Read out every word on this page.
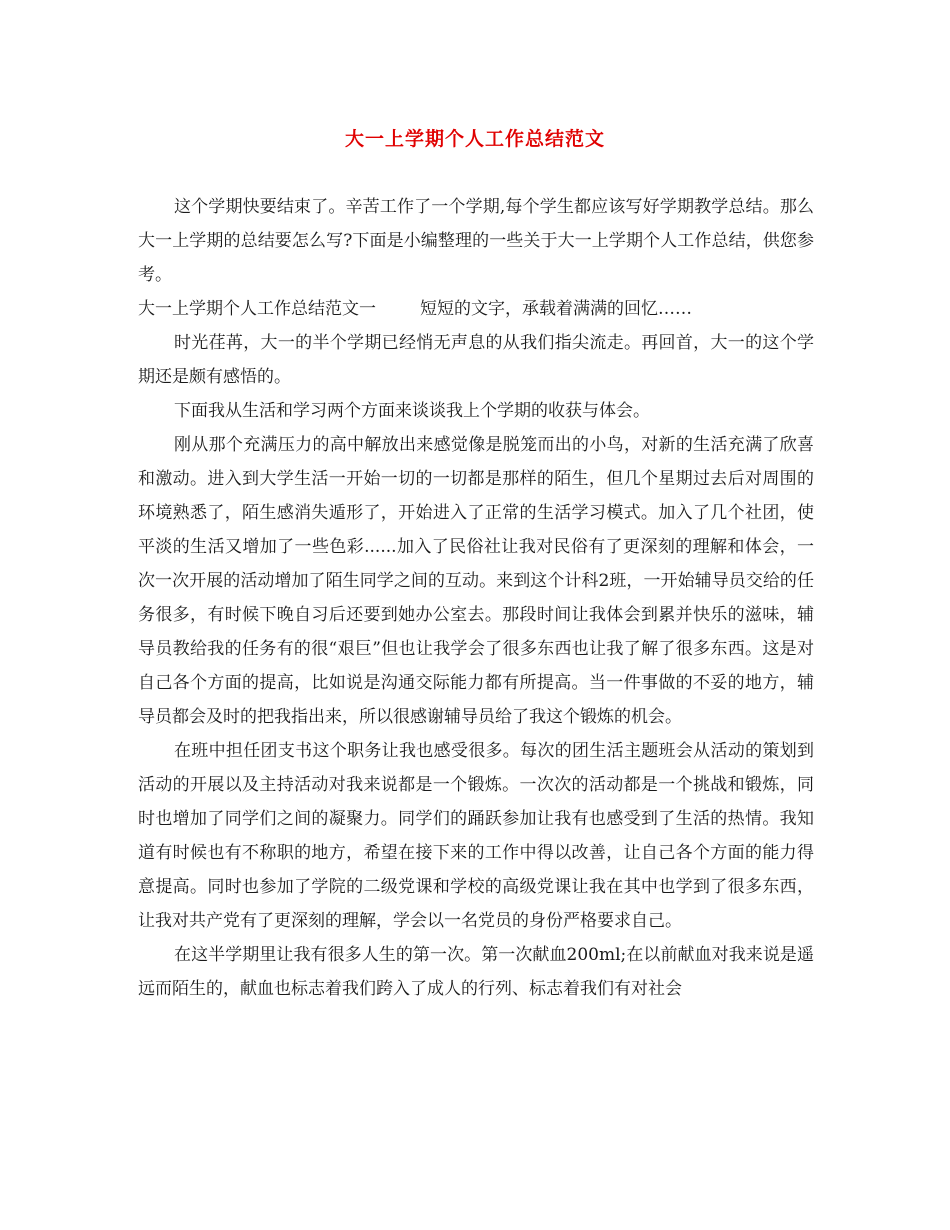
大一上学期个人工作总结范文

这个学期快要结束了。辛苦工作了一个学期,每个学生都应该写好学期教学总结。那么大一上学期的总结要怎么写?下面是小编整理的一些关于大一上学期个人工作总结，供您参考。

大一上学期个人工作总结范文一	短短的文字，承载着满满的回忆……

时光荏苒，大一的半个学期已经悄无声息的从我们指尖流走。再回首，大一的这个学期还是颇有感悟的。

下面我从生活和学习两个方面来谈谈我上个学期的收获与体会。

刚从那个充满压力的高中解放出来感觉像是脱笼而出的小鸟，对新的生活充满了欣喜和激动。进入到大学生活一开始一切的一切都是那样的陌生，但几个星期过去后对周围的环境熟悉了，陌生感消失遁形了，开始进入了正常的生活学习模式。加入了几个社团，使平淡的生活又增加了一些色彩......加入了民俗社让我对民俗有了更深刻的理解和体会，一次一次开展的活动增加了陌生同学之间的互动。来到这个计科2班，一开始辅导员交给的任务很多，有时候下晚自习后还要到她办公室去。那段时间让我体会到累并快乐的滋味，辅导员教给我的任务有的很“艰巨”但也让我学会了很多东西也让我了解了很多东西。这是对自己各个方面的提高，比如说是沟通交际能力都有所提高。当一件事做的不妥的地方，辅导员都会及时的把我指出来，所以很感谢辅导员给了我这个锻炼的机会。

在班中担任团支书这个职务让我也感受很多。每次的团生活主题班会从活动的策划到活动的开展以及主持活动对我来说都是一个锻炼。一次次的活动都是一个挑战和锻炼，同时也增加了同学们之间的凝聚力。同学们的踊跃参加让我有也感受到了生活的热情。我知道有时候也有不称职的地方，希望在接下来的工作中得以改善，让自己各个方面的能力得意提高。同时也参加了学院的二级党课和学校的高级党课让我在其中也学到了很多东西，让我对共产党有了更深刻的理解，学会以一名党员的身份严格要求自己。

在这半学期里让我有很多人生的第一次。第一次献血200ml;在以前献血对我来说是遥远而陌生的，献血也标志着我们跨入了成人的行列、标志着我们有对社会
